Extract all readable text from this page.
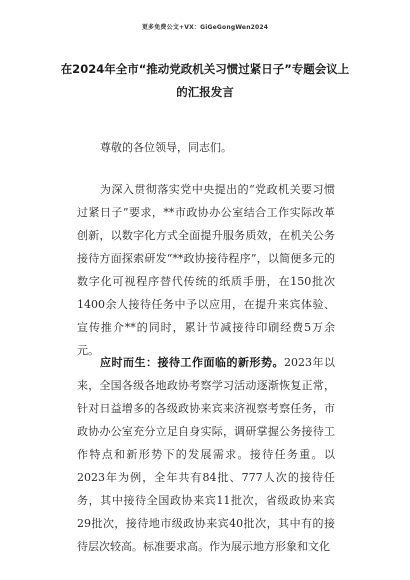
更多免费公文+VX：GiGeGongWen2024
在2024年全市“推动党政机关习惯过紧日子”专题会议上的汇报发言
尊敬的各位领导，同志们。
为深入贯彻落实党中央提出的“党政机关要习惯过紧日子”要求，**市政协办公室结合工作实际改革创新，以数字化方式全面提升服务质效，在机关公务接待方面探索研发“**政协接待程序”，以简便多元的数字化可视程序替代传统的纸质手册，在150批次1400余人接待任务中予以应用，在提升来宾体验、宣传推介**的同时，累计节减接待印刷经费5万余元。
应时而生：接待工作面临的新形势。2023年以来，全国各级各地政协考察学习活动逐渐恢复正常，针对日益增多的各级政协来宾来济视察考察任务，市政协办公室充分立足自身实际，调研掌握公务接待工作特点和新形势下的发展需求。接待任务重。以2023年为例，全年共有84批、777人次的接待任务，其中接待全国政协来宾11批次，省级政协来宾29批次，接待地市级政协来宾40批次，其中有的接待层次较高。标准要求高。作为展示地方形象和文化
